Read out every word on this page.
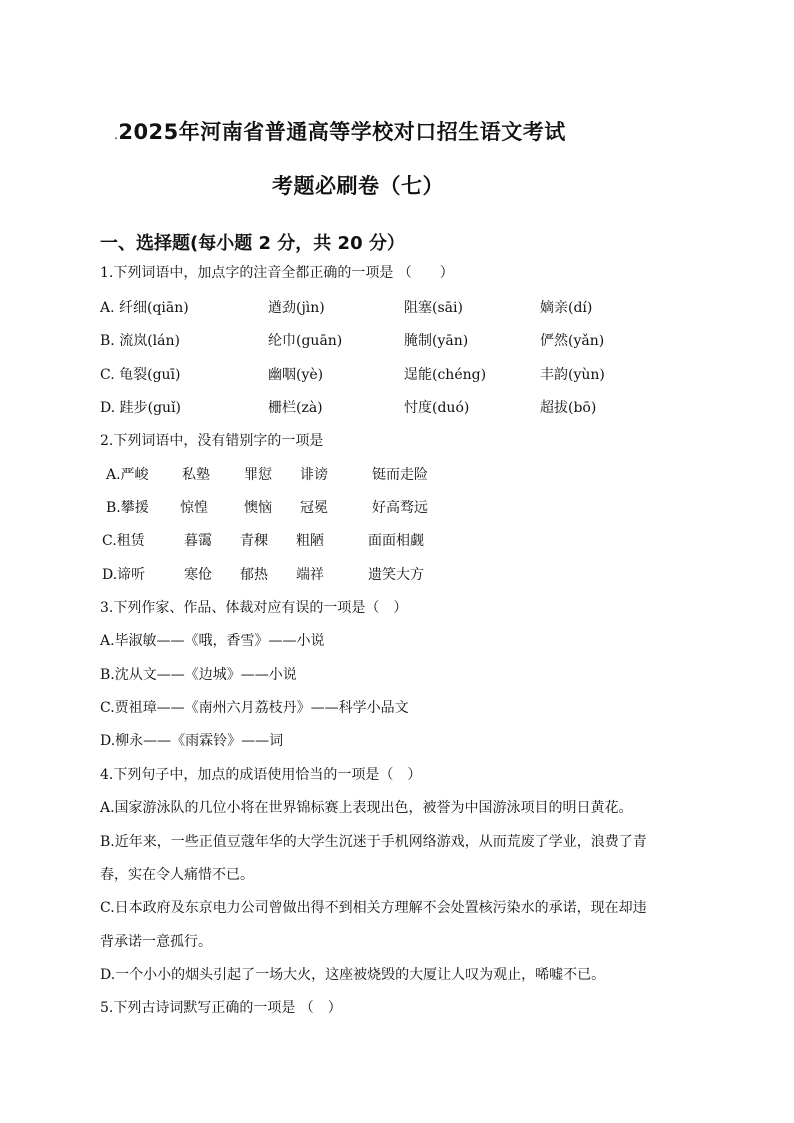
.2025年河南省普通高等学校对口招生语文考试
考题必刷卷（七）
一、选择题(每小题 2 分，共 20 分）
1.下列词语中，加点字的注音全都正确的一项是 （　　）
A. 纤细(qiān)	遒劲(jìn)	阻塞(sāi)	嫡亲(dí)
B. 流岚(lán)	纶巾(guān)	腌制(yān)	俨然(yǎn)
C. 龟裂(guī)	幽咽(yè)	逞能(chéng)	丰韵(yùn)
D. 跬步(guǐ)	栅栏(zà)	忖度(duó)	超拔(bō)
2.下列词语中，没有错别字的一项是
A.严峻 私塾 罪愆 诽谤	铤而走险
B.攀援 惊惶	懊恼 冠冕	好高骛远
C.租赁	暮霭 青稞 粗陋	面面相觑
D.谛听	寒伧 郁热 端祥	遗笑大方
3.下列作家、作品、体裁对应有误的一项是（　）
A.毕淑敏——《哦，香雪》——小说
B.沈从文——《边城》——小说
C.贾祖璋——《南州六月荔枝丹》——科学小品文
D.柳永——《雨霖铃》——词
4.下列句子中，加点的成语使用恰当的一项是（　）
A.国家游泳队的几位小将在世界锦标赛上表现出色，被誉为中国游泳项目的明日黄花。
B.近年来，一些正值豆蔻年华的大学生沉迷于手机网络游戏，从而荒废了学业，浪费了青
春，实在令人痛惜不已。
C.日本政府及东京电力公司曾做出得不到相关方理解不会处置核污染水的承诺，现在却违
背承诺一意孤行。
D.一个小小的烟头引起了一场大火，这座被烧毁的大厦让人叹为观止，唏嘘不已。
5.下列古诗词默写正确的一项是 （　）
